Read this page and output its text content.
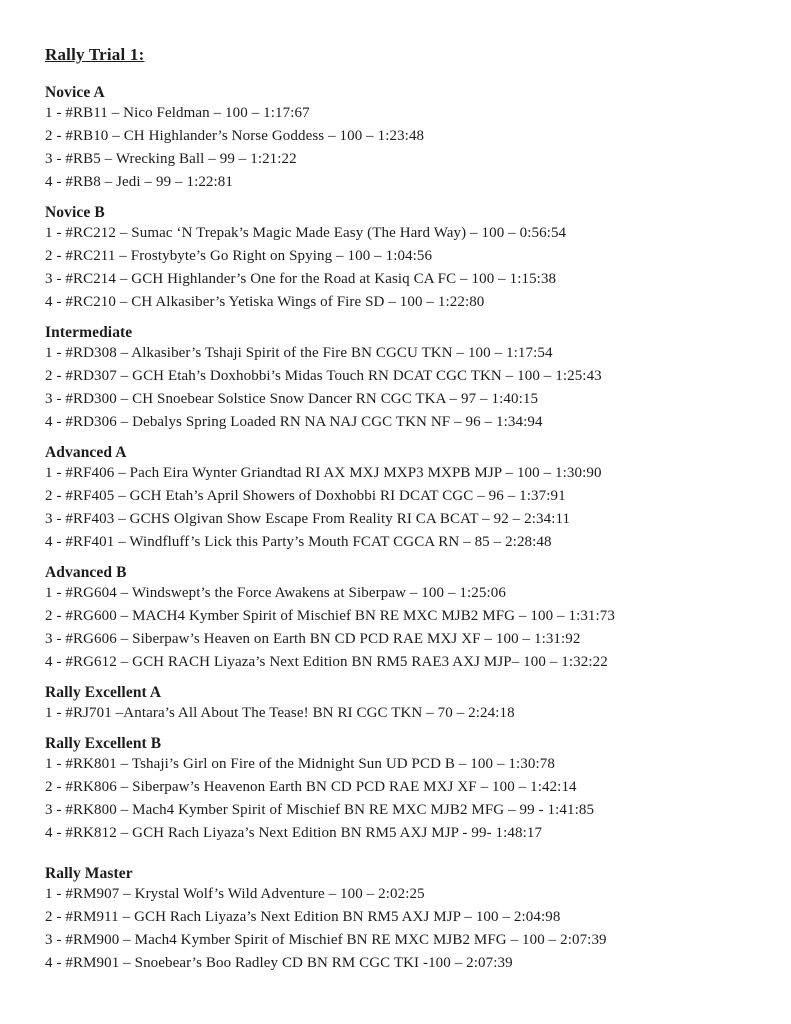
Rally Trial 1:
Novice A

1 - #RB11 – Nico Feldman – 100 – 1:17:67

2 - #RB10 – CH Highlander’s Norse Goddess – 100 – 1:23:48

3 - #RB5 – Wrecking Ball – 99 – 1:21:22

4 - #RB8 – Jedi – 99 – 1:22:81

Novice B

1 - #RC212 – Sumac ‘N Trepak’s Magic Made Easy (The Hard Way) – 100 – 0:56:54

2 - #RC211 – Frostybyte’s Go Right on Spying – 100 – 1:04:56

3 - #RC214 – GCH Highlander’s One for the Road at Kasiq CA FC – 100 – 1:15:38

4 - #RC210 – CH Alkasiber’s Yetiska Wings of Fire SD – 100 – 1:22:80

Intermediate

1 - #RD308 – Alkasiber’s Tshaji Spirit of the Fire BN CGCU TKN – 100 – 1:17:54

2 - #RD307 – GCH Etah’s Doxhobbi’s Midas Touch RN DCAT CGC TKN – 100 – 1:25:43

3 - #RD300 – CH Snoebear Solstice Snow Dancer RN CGC TKA – 97 – 1:40:15

4 - #RD306 – Debalys Spring Loaded RN NA NAJ CGC TKN NF – 96 – 1:34:94

Advanced A

1 - #RF406 – Pach Eira Wynter Griandtad RI AX MXJ MXP3 MXPB MJP – 100 – 1:30:90

2 - #RF405 – GCH Etah’s April Showers of Doxhobbi RI DCAT CGC – 96 – 1:37:91

3 - #RF403 – GCHS Olgivan Show Escape From Reality RI CA BCAT – 92 – 2:34:11

4 - #RF401 – Windfluff’s Lick this Party’s Mouth FCAT CGCA RN – 85 – 2:28:48

Advanced B

1 - #RG604 – Windswept’s the Force Awakens at Siberpaw – 100 – 1:25:06

2 - #RG600 – MACH4 Kymber Spirit of Mischief BN RE MXC MJB2 MFG – 100 – 1:31:73

3 - #RG606 – Siberpaw’s Heaven on Earth BN CD PCD RAE MXJ XF – 100 – 1:31:92

4 - #RG612 – GCH RACH Liyaza’s Next Edition BN RM5 RAE3 AXJ MJP– 100 – 1:32:22

Rally Excellent A

1 - #RJ701 –Antara’s All About The Tease! BN RI CGC TKN – 70 – 2:24:18

Rally Excellent B

1 - #RK801 – Tshaji’s Girl on Fire of the Midnight Sun UD PCD B – 100 – 1:30:78

2 - #RK806 – Siberpaw’s Heavenon Earth BN CD PCD RAE MXJ XF – 100 – 1:42:14

3 - #RK800 – Mach4 Kymber Spirit of Mischief BN RE MXC MJB2 MFG – 99 - 1:41:85

4 - #RK812 – GCH Rach Liyaza’s Next Edition BN RM5 AXJ MJP - 99- 1:48:17

Rally Master

1 - #RM907 – Krystal Wolf’s Wild Adventure – 100 – 2:02:25

2 - #RM911 – GCH Rach Liyaza’s Next Edition BN RM5 AXJ MJP – 100 – 2:04:98

3 - #RM900 – Mach4 Kymber Spirit of Mischief BN RE MXC MJB2 MFG – 100 – 2:07:39

4 - #RM901 – Snoebear’s Boo Radley CD BN RM CGC TKI -100 – 2:07:39
